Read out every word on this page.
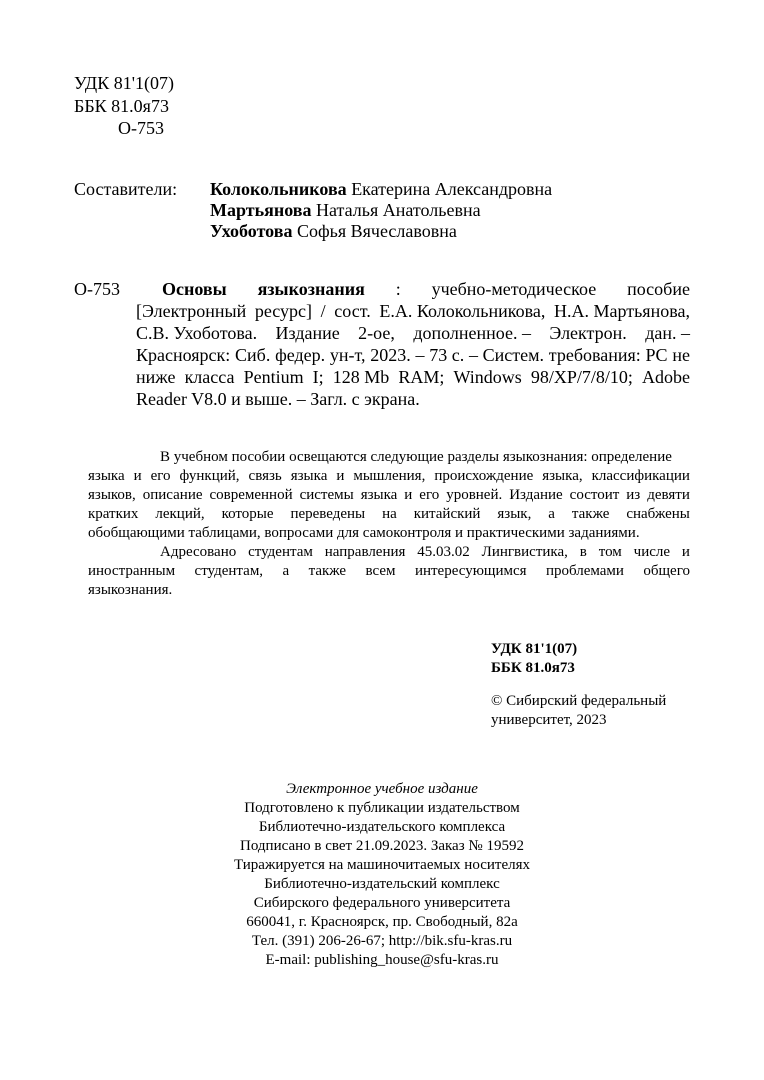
УДК 81'1(07)
ББК 81.0я73
О-753
Составители: Колокольникова Екатерина Александровна
Мартьянова Наталья Анатольевна
Ухоботова Софья Вячеславовна
О-753 Основы языкознания : учебно-методическое пособие
[Электронный ресурс] / сост. Е.А. Колокольникова, Н.А. Мартьянова,
С.В. Ухоботова. Издание 2-ое, дополненное. – Электрон. дан. –
Красноярск: Сиб. федер. ун-т, 2023. – 73 с. – Систем. требования: PC не
ниже класса Pentium I; 128 Mb RAM; Windows 98/XP/7/8/10; Adobe
Reader V8.0 и выше. – Загл. с экрана.
В учебном пособии освещаются следующие разделы языкознания: определение
языка и его функций, связь языка и мышления, происхождение языка, классификации
языков, описание современной системы языка и его уровней. Издание состоит из девяти
кратких лекций, которые переведены на китайский язык, а также снабжены
обобщающими таблицами, вопросами для самоконтроля и практическими заданиями.
Адресовано студентам направления 45.03.02 Лингвистика, в том числе и
иностранным студентам, а также всем интересующимся проблемами общего
языкознания.
УДК 81'1(07)
ББК 81.0я73
© Сибирский федеральный
университет, 2023
Электронное учебное издание
Подготовлено к публикации издательством
Библиотечно-издательского комплекса
Подписано в свет 21.09.2023. Заказ № 19592
Тиражируется на машиночитаемых носителях
Библиотечно-издательский комплекс
Сибирского федерального университета
660041, г. Красноярск, пр. Свободный, 82а
Тел. (391) 206-26-67; http://bik.sfu-kras.ru
E-mail: publishing_house@sfu-kras.ru
